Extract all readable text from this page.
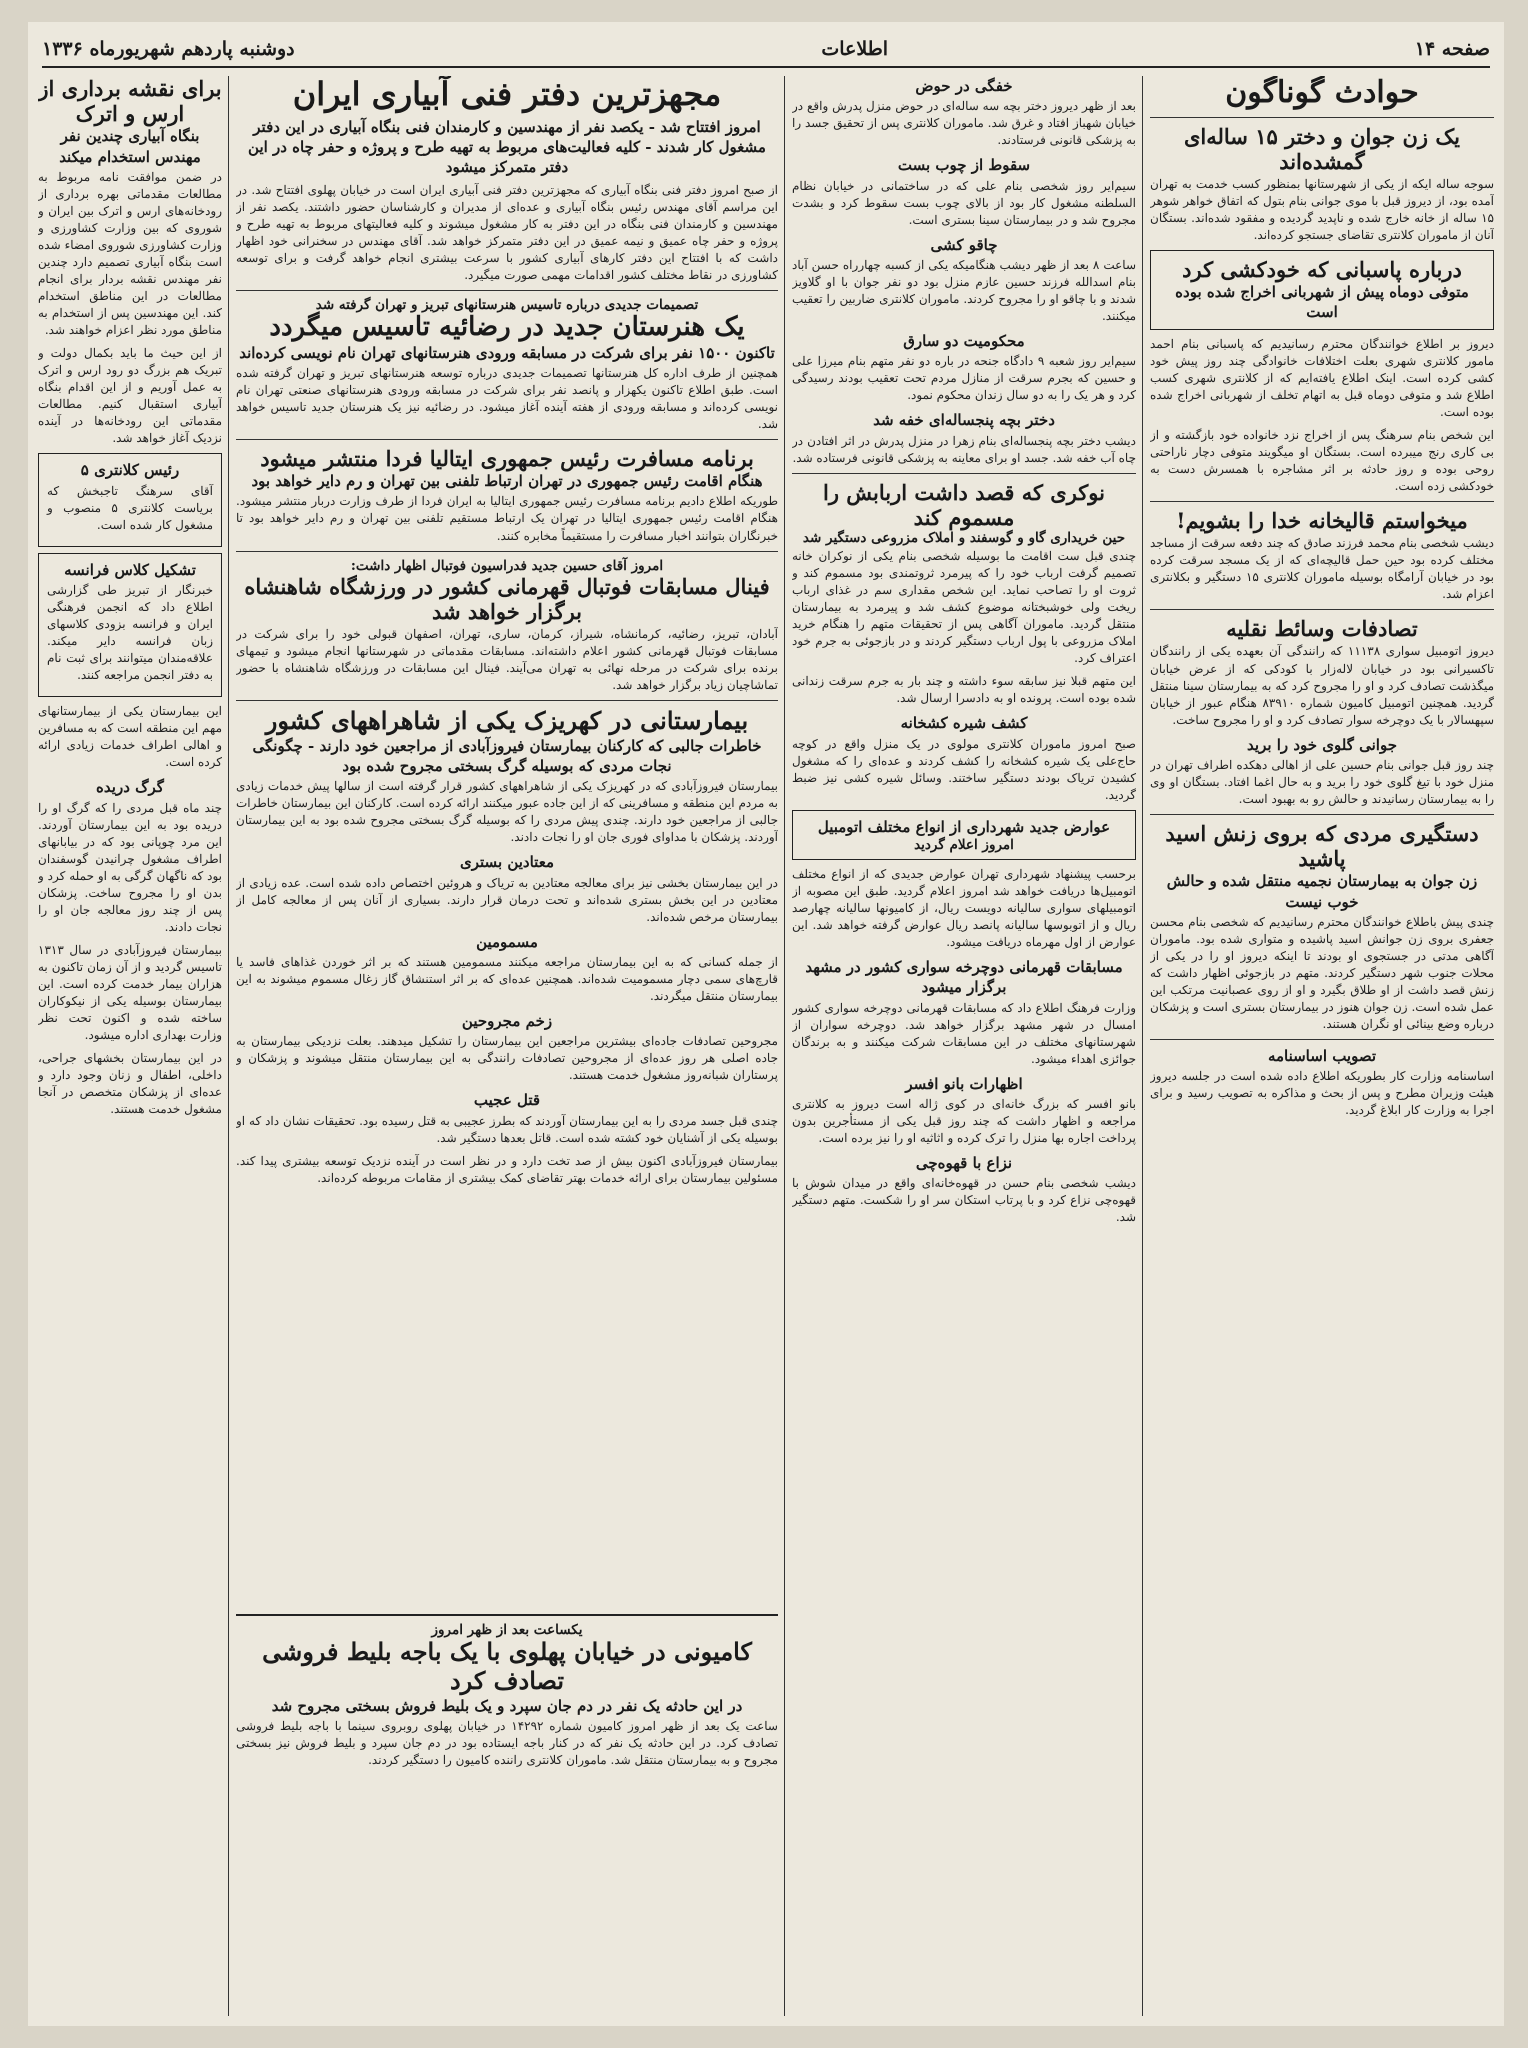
صفحه ۱۴
اطلاعات
دوشنبه پاردهم شهریورماه ۱۳۳۶
حوادث گوناگون
یک زن جوان و دختر ۱۵ ساله‌ای گمشده‌اند

سوجه ساله ایکه از یکی از شهرستانها بمنظور کسب خدمت به تهران آمده بود، از دیروز قبل با موی جوانی بنام بتول که اتفاق خواهر شوهر ۱۵ ساله از خانه خارج شده و ناپدید گردیده و مفقود شده‌اند. بستگان آنان از ماموران کلانتری تقاضای جستجو کرده‌اند.

درباره پاسبانی که خودکشی کرد
متوفی دوماه پیش از شهربانی اخراج شده بوده است

دیروز بر اطلاع خوانندگان محترم رسانیدیم که پاسبانی بنام احمد مامور کلانتری شهری بعلت اختلافات خانوادگی چند روز پیش خود کشی کرده است. اینک اطلاع یافته‌ایم که از کلانتری شهری کسب اطلاع شد و متوفی دوماه قبل به اتهام تخلف از شهربانی اخراج شده بوده است.

این شخص بنام سرهنگ پس از اخراج نزد خانواده خود بازگشته و از بی کاری رنج میبرده است. بستگان او میگویند متوفی دچار ناراحتی روحی بوده و روز حادثه بر اثر مشاجره با همسرش دست به خودکشی زده است.

میخواستم قالیخانه خدا را بشویم!

دیشب شخصی بنام محمد فرزند صادق که چند دفعه سرقت از مساجد مختلف کرده بود حین حمل قالیچه‌ای که از یک مسجد سرقت کرده بود در خیابان آرامگاه بوسیله ماموران کلانتری ۱۵ دستگیر و بکلانتری اعزام شد.

تصادفات وسائط نقلیه

دیروز اتومبیل سواری ۱۱۱۳۸ که رانندگی آن بعهده یکی از رانندگان تاکسیرانی بود در خیابان لاله‌زار با کودکی که از عرض خیابان میگذشت تصادف کرد و او را مجروح کرد که به بیمارستان سینا منتقل گردید. همچنین اتومبیل کامیون شماره ۸۳۹۱۰ هنگام عبور از خیابان سپهسالار با یک دوچرخه سوار تصادف کرد و او را مجروح ساخت.

جوانی گلوی خود را برید

چند روز قبل جوانی بنام حسین علی از اهالی دهکده اطراف تهران در منزل خود با تیغ گلوی خود را برید و به حال اغما افتاد. بستگان او وی را به بیمارستان رسانیدند و حالش رو به بهبود است.

دستگیری مردی که بروی زنش اسید پاشید
زن جوان به بیمارستان نجمیه منتقل شده و حالش خوب نیست

چندی پیش باطلاع خوانندگان محترم رسانیدیم که شخصی بنام محسن جعفری بروی زن جوانش اسید پاشیده و متواری شده بود. ماموران آگاهی مدتی در جستجوی او بودند تا اینکه دیروز او را در یکی از محلات جنوب شهر دستگیر کردند. متهم در بازجوئی اظهار داشت که زنش قصد داشت از او طلاق بگیرد و او از روی عصبانیت مرتکب این عمل شده است. زن جوان هنوز در بیمارستان بستری است و پزشکان درباره وضع بینائی او نگران هستند.

تصویب اساسنامه

اساسنامه وزارت کار بطوریکه اطلاع داده شده است در جلسه دیروز هیئت وزیران مطرح و پس از بحث و مذاکره به تصویب رسید و برای اجرا به وزارت کار ابلاغ گردید.

خفگی در حوض

بعد از ظهر دیروز دختر بچه سه ساله‌ای در حوض منزل پدرش واقع در خیابان شهباز افتاد و غرق شد. ماموران کلانتری پس از تحقیق جسد را به پزشکی قانونی فرستادند.

سقوط از چوب بست

سیم‌ایر روز شخصی بنام علی که در ساختمانی در خیابان نظام السلطنه مشغول کار بود از بالای چوب بست سقوط کرد و بشدت مجروح شد و در بیمارستان سینا بستری است.

چاقو کشی

ساعت ۸ بعد از ظهر دیشب هنگامیکه یکی از کسبه چهارراه حسن آباد بنام اسدالله فرزند حسین عازم منزل بود دو نفر جوان با او گلاویز شدند و با چاقو او را مجروح کردند. ماموران کلانتری ضاربین را تعقیب میکنند.

محکومیت دو سارق

سیم‌ایر روز شعبه ۹ دادگاه جنحه در باره دو نفر متهم بنام میرزا علی و حسین که بجرم سرقت از منازل مردم تحت تعقیب بودند رسیدگی کرد و هر یک را به دو سال زندان محکوم نمود.

دختر بچه پنجساله‌ای خفه شد

دیشب دختر بچه پنجساله‌ای بنام زهرا در منزل پدرش در اثر افتادن در چاه آب خفه شد. جسد او برای معاینه به پزشکی قانونی فرستاده شد.

نوکری که قصد داشت اربابش را مسموم کند
حین خریداری گاو و گوسفند و املاک مزروعی دستگیر شد

چندی قبل ست اقامت ما بوسیله شخصی بنام یکی از نوکران خانه تصمیم گرفت ارباب خود را که پیرمرد ثروتمندی بود مسموم کند و ثروت او را تصاحب نماید. این شخص مقداری سم در غذای ارباب ریخت ولی خوشبختانه موضوع کشف شد و پیرمرد به بیمارستان منتقل گردید. ماموران آگاهی پس از تحقیقات متهم را هنگام خرید املاک مزروعی با پول ارباب دستگیر کردند و در بازجوئی به جرم خود اعتراف کرد.

این متهم قبلا نیز سابقه سوء داشته و چند بار به جرم سرقت زندانی شده بوده است. پرونده او به دادسرا ارسال شد.

کشف شیره کشخانه

صبح امروز ماموران کلانتری مولوی در یک منزل واقع در کوچه حاج‌علی یک شیره کشخانه را کشف کردند و عده‌ای را که مشغول کشیدن تریاک بودند دستگیر ساختند. وسائل شیره کشی نیز ضبط گردید.

عوارض جدید شهرداری از انواع مختلف اتومبیل
امروز اعلام گردید

برحسب پیشنهاد شهرداری تهران عوارض جدیدی که از انواع مختلف اتومبیل‌ها دریافت خواهد شد امروز اعلام گردید. طبق این مصوبه از اتومبیلهای سواری سالیانه دویست ریال، از کامیونها سالیانه چهارصد ریال و از اتوبوسها سالیانه پانصد ریال عوارض گرفته خواهد شد. این عوارض از اول مهرماه دریافت میشود.

مسابقات قهرمانی دوچرخه سواری کشور در مشهد برگزار میشود

وزارت فرهنگ اطلاع داد که مسابقات قهرمانی دوچرخه سواری کشور امسال در شهر مشهد برگزار خواهد شد. دوچرخه سواران از شهرستانهای مختلف در این مسابقات شرکت میکنند و به برندگان جوائزی اهداء میشود.

اظهارات بانو افسر

بانو افسر که بزرگ خانه‌ای در کوی ژاله است دیروز به کلانتری مراجعه و اظهار داشت که چند روز قبل یکی از مستأجرین بدون پرداخت اجاره بها منزل را ترک کرده و اثاثیه او را نیز برده است.

نزاع با قهوه‌چی

دیشب شخصی بنام حسن در قهوه‌خانه‌ای واقع در میدان شوش با قهوه‌چی نزاع کرد و با پرتاب استکان سر او را شکست. متهم دستگیر شد.

مجهزترین دفتر فنی آبیاری ایران
امروز افتتاح شد - یکصد نفر از مهندسین و کارمندان فنی بنگاه آبیاری در این دفتر مشغول کار شدند - کلیه فعالیت‌های مربوط به تهیه طرح و پروژه و حفر چاه در این دفتر متمرکز میشود

از صبح امروز دفتر فنی بنگاه آبیاری که مجهزترین دفتر فنی آبیاری ایران است در خیابان پهلوی افتتاح شد. در این مراسم آقای مهندس رئیس بنگاه آبیاری و عده‌ای از مدیران و کارشناسان حضور داشتند. یکصد نفر از مهندسین و کارمندان فنی بنگاه در این دفتر به کار مشغول میشوند و کلیه فعالیتهای مربوط به تهیه طرح و پروژه و حفر چاه عمیق و نیمه عمیق در این دفتر متمرکز خواهد شد. آقای مهندس در سخنرانی خود اظهار داشت که با افتتاح این دفتر کارهای آبیاری کشور با سرعت بیشتری انجام خواهد گرفت و برای توسعه کشاورزی در نقاط مختلف کشور اقدامات مهمی صورت میگیرد.

تصمیمات جدیدی درباره تاسیس هنرستانهای تبریز و تهران گرفته شد
یک هنرستان جدید در رضائیه تاسیس میگردد
تاکنون ۱۵۰۰ نفر برای شرکت در مسابقه ورودی هنرستانهای تهران نام نویسی کرده‌اند

همچنین از طرف اداره کل هنرستانها تصمیمات جدیدی درباره توسعه هنرستانهای تبریز و تهران گرفته شده است. طبق اطلاع تاکنون یکهزار و پانصد نفر برای شرکت در مسابقه ورودی هنرستانهای صنعتی تهران نام نویسی کرده‌اند و مسابقه ورودی از هفته آینده آغاز میشود. در رضائیه نیز یک هنرستان جدید تاسیس خواهد شد.

برنامه مسافرت رئیس جمهوری ایتالیا فردا منتشر میشود
هنگام اقامت رئیس جمهوری در تهران ارتباط تلفنی بین تهران و رم دایر خواهد بود

طوریکه اطلاع دادیم برنامه مسافرت رئیس جمهوری ایتالیا به ایران فردا از طرف وزارت دربار منتشر میشود. هنگام اقامت رئیس جمهوری ایتالیا در تهران یک ارتباط مستقیم تلفنی بین تهران و رم دایر خواهد بود تا خبرنگاران بتوانند اخبار مسافرت را مستقیماً مخابره کنند.

امروز آقای حسین جدید فدراسیون فوتبال اظهار داشت:
فینال مسابقات فوتبال قهرمانی کشور در ورزشگاه شاهنشاه برگزار خواهد شد

آبادان، تبریز، رضائیه، کرمانشاه، شیراز، کرمان، ساری، تهران، اصفهان قبولی خود را برای شرکت در مسابقات فوتبال قهرمانی کشور اعلام داشته‌اند. مسابقات مقدماتی در شهرستانها انجام میشود و تیمهای برنده برای شرکت در مرحله نهائی به تهران می‌آیند. فینال این مسابقات در ورزشگاه شاهنشاه با حضور تماشاچیان زیاد برگزار خواهد شد.

بیمارستانی در کهریزک یکی از شاهراههای کشور
خاطرات جالبی که کارکنان بیمارستان فیروزآبادی از مراجعین خود دارند - چگونگی نجات مردی که بوسیله گرگ بسختی مجروح شده بود

بیمارستان فیروزآبادی که در کهریزک یکی از شاهراههای کشور قرار گرفته است از سالها پیش خدمات زیادی به مردم این منطقه و مسافرینی که از این جاده عبور میکنند ارائه کرده است. کارکنان این بیمارستان خاطرات جالبی از مراجعین خود دارند. چندی پیش مردی را که بوسیله گرگ بسختی مجروح شده بود به این بیمارستان آوردند. پزشکان با مداوای فوری جان او را نجات دادند.

معتادین بستری

در این بیمارستان بخشی نیز برای معالجه معتادین به تریاک و هروئین اختصاص داده شده است. عده زیادی از معتادین در این بخش بستری شده‌اند و تحت درمان قرار دارند. بسیاری از آنان پس از معالجه کامل از بیمارستان مرخص شده‌اند.

مسمومین

از جمله کسانی که به این بیمارستان مراجعه میکنند مسمومین هستند که بر اثر خوردن غذاهای فاسد یا قارچ‌های سمی دچار مسمومیت شده‌اند. همچنین عده‌ای که بر اثر استنشاق گاز زغال مسموم میشوند به این بیمارستان منتقل میگردند.

زخم مجروحین

مجروحین تصادفات جاده‌ای بیشترین مراجعین این بیمارستان را تشکیل میدهند. بعلت نزدیکی بیمارستان به جاده اصلی هر روز عده‌ای از مجروحین تصادفات رانندگی به این بیمارستان منتقل میشوند و پزشکان و پرستاران شبانه‌روز مشغول خدمت هستند.

قتل عجیب

چندی قبل جسد مردی را به این بیمارستان آوردند که بطرز عجیبی به قتل رسیده بود. تحقیقات نشان داد که او بوسیله یکی از آشنایان خود کشته شده است. قاتل بعدها دستگیر شد.

بیمارستان فیروزآبادی اکنون بیش از صد تخت دارد و در نظر است در آینده نزدیک توسعه بیشتری پیدا کند. مسئولین بیمارستان برای ارائه خدمات بهتر تقاضای کمک بیشتری از مقامات مربوطه کرده‌اند.

برای نقشه برداری از ارس و اترک
بنگاه آبیاری چندین نفر مهندس استخدام میکند

در ضمن موافقت نامه مربوط به مطالعات مقدماتی بهره برداری از رودخانه‌های ارس و اترک بین ایران و شوروی که بین وزارت کشاورزی و وزارت کشاورزی شوروی امضاء شده است بنگاه آبیاری تصمیم دارد چندین نفر مهندس نقشه بردار برای انجام مطالعات در این مناطق استخدام کند. این مهندسین پس از استخدام به مناطق مورد نظر اعزام خواهند شد.

از این حیث ما باید بکمال دولت و تبریک هم بزرگ دو رود ارس و اترک به عمل آوریم و از این اقدام بنگاه آبیاری استقبال کنیم. مطالعات مقدماتی این رودخانه‌ها در آینده نزدیک آغاز خواهد شد.

رئیس کلانتری ۵

آقای سرهنگ تاجبخش که بریاست کلانتری ۵ منصوب و مشغول کار شده است.

تشکیل کلاس فرانسه

خبرنگار از تبریز طی گزارشی اطلاع داد که انجمن فرهنگی ایران و فرانسه بزودی کلاسهای زبان فرانسه دایر میکند. علاقه‌مندان میتوانند برای ثبت نام به دفتر انجمن مراجعه کنند.

این بیمارستان یکی از بیمارستانهای مهم این منطقه است که به مسافرین و اهالی اطراف خدمات زیادی ارائه کرده است.

گرگ دریده

چند ماه قبل مردی را که گرگ او را دریده بود به این بیمارستان آوردند. این مرد چوپانی بود که در بیابانهای اطراف مشغول چرانیدن گوسفندان بود که ناگهان گرگی به او حمله کرد و بدن او را مجروح ساخت. پزشکان پس از چند روز معالجه جان او را نجات دادند.

بیمارستان فیروزآبادی در سال ۱۳۱۳ تاسیس گردید و از آن زمان تاکنون به هزاران بیمار خدمت کرده است. این بیمارستان بوسیله یکی از نیکوکاران ساخته شده و اکنون تحت نظر وزارت بهداری اداره میشود.

در این بیمارستان بخشهای جراحی، داخلی، اطفال و زنان وجود دارد و عده‌ای از پزشکان متخصص در آنجا مشغول خدمت هستند.

یکساعت بعد از ظهر امروز
کامیونی در خیابان پهلوی با یک باجه بلیط فروشی تصادف کرد
در این حادثه یک نفر در دم جان سپرد و یک بلیط فروش بسختی مجروح شد

ساعت یک بعد از ظهر امروز کامیون شماره ۱۴۲۹۲ در خیابان پهلوی روبروی سینما با باجه بلیط فروشی تصادف کرد. در این حادثه یک نفر که در کنار باجه ایستاده بود در دم جان سپرد و بلیط فروش نیز بسختی مجروح و به بیمارستان منتقل شد. ماموران کلانتری راننده کامیون را دستگیر کردند.
